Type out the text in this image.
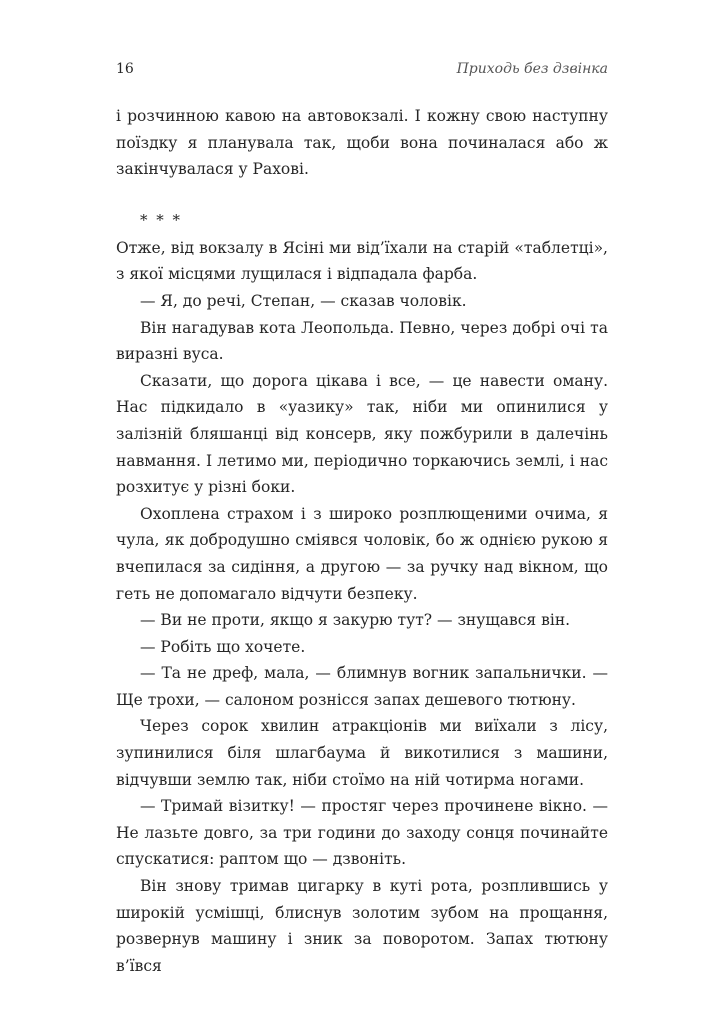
16	Приходь без дзвінка

і розчинною кавою на автовокзалі. І кожну свою наступну поїздку я планувала так, щоби вона починалася або ж закінчувалася у Рахові.

* * *

Отже, від вокзалу в Ясіні ми від’їхали на старій «таблетці», з якої місцями лущилася і відпадала фарба.

— Я, до речі, Степан, — сказав чоловік.

Він нагадував кота Леопольда. Певно, через добрі очі та виразні вуса.

Сказати, що дорога цікава і все, — це навести оману. Нас підкидало в «уазику» так, ніби ми опинилися у залізній бляшанці від консерв, яку пожбурили в далечінь навмання. І летимо ми, періодично торкаючись землі, і нас розхитує у різні боки.

Охоплена страхом і з широко розплющеними очима, я чула, як добродушно сміявся чоловік, бо ж однією рукою я вчепилася за сидіння, а другою — за ручку над вікном, що геть не допомагало відчути безпеку.

— Ви не проти, якщо я закурю тут? — знущався він.

— Робіть що хочете.

— Та не дреф, мала, — блимнув вогник запальнички. — Ще трохи, — салоном рознісся запах дешевого тютюну.

Через сорок хвилин атракціонів ми виїхали з лісу, зупинилися біля шлагбаума й викотилися з машини, відчувши землю так, ніби стоїмо на ній чотирма ногами.

— Тримай візитку! — простяг через прочинене вікно. — Не лазьте довго, за три години до заходу сонця починайте спускатися: раптом що — дзвоніть.

Він знову тримав цигарку в куті рота, розплившись у широкій усмішці, блиснув золотим зубом на прощання, розвернув машину і зник за поворотом. Запах тютюну в’ївся
